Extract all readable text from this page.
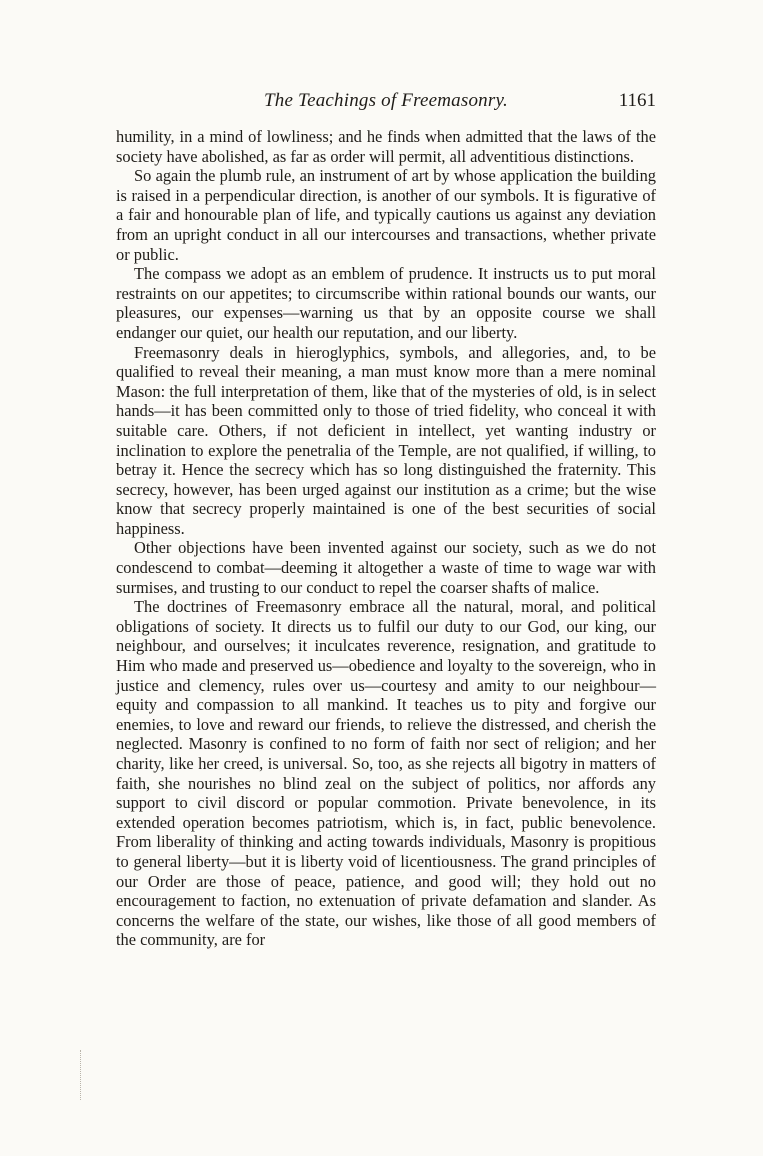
The Teachings of Freemasonry.	1161

humility, in a mind of lowliness; and he finds when admitted that the laws of the society have abolished, as far as order will permit, all adventitious distinctions.

So again the plumb rule, an instrument of art by whose application the building is raised in a perpendicular direction, is another of our symbols. It is figurative of a fair and honourable plan of life, and typically cautions us against any deviation from an upright conduct in all our intercourses and transactions, whether private or public.

The compass we adopt as an emblem of prudence. It instructs us to put moral restraints on our appetites; to circumscribe within rational bounds our wants, our pleasures, our expenses—warning us that by an opposite course we shall endanger our quiet, our health our reputation, and our liberty.

Freemasonry deals in hieroglyphics, symbols, and allegories, and, to be qualified to reveal their meaning, a man must know more than a mere nominal Mason: the full interpretation of them, like that of the mysteries of old, is in select hands—it has been committed only to those of tried fidelity, who conceal it with suitable care. Others, if not deficient in intellect, yet wanting industry or inclination to explore the penetralia of the Temple, are not qualified, if willing, to betray it. Hence the secrecy which has so long distinguished the fraternity. This secrecy, however, has been urged against our institution as a crime; but the wise know that secrecy properly maintained is one of the best securities of social happiness.

Other objections have been invented against our society, such as we do not condescend to combat—deeming it altogether a waste of time to wage war with surmises, and trusting to our conduct to repel the coarser shafts of malice.

The doctrines of Freemasonry embrace all the natural, moral, and political obligations of society. It directs us to fulfil our duty to our God, our king, our neighbour, and ourselves; it inculcates reverence, resignation, and gratitude to Him who made and preserved us—obedience and loyalty to the sovereign, who in justice and clemency, rules over us—courtesy and amity to our neighbour—equity and compassion to all mankind. It teaches us to pity and forgive our enemies, to love and reward our friends, to relieve the distressed, and cherish the neglected. Masonry is confined to no form of faith nor sect of religion; and her charity, like her creed, is universal. So, too, as she rejects all bigotry in matters of faith, she nourishes no blind zeal on the subject of politics, nor affords any support to civil discord or popular commotion. Private benevolence, in its extended operation becomes patriotism, which is, in fact, public benevolence. From liberality of thinking and acting towards individuals, Masonry is propitious to general liberty—but it is liberty void of licentiousness. The grand principles of our Order are those of peace, patience, and good will; they hold out no encouragement to faction, no extenuation of private defamation and slander. As concerns the welfare of the state, our wishes, like those of all good members of the community, are for
